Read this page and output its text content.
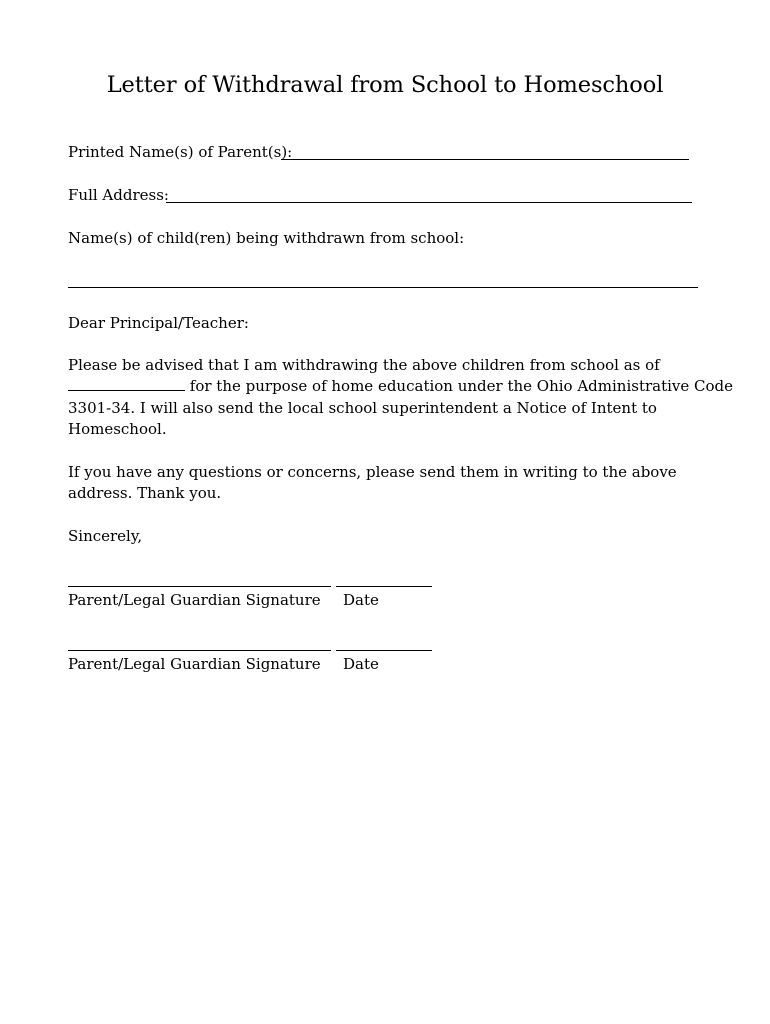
Letter of Withdrawal from School to Homeschool
Printed Name(s) of Parent(s):
Full Address:
Name(s) of child(ren) being withdrawn from school:
Dear Principal/Teacher:

Please be advised that I am withdrawing the above children from school as of

for the purpose of home education under the Ohio Administrative Code

3301-34. I will also send the local school superintendent a Notice of Intent to

Homeschool.

If you have any questions or concerns, please send them in writing to the above

address. Thank you.

Sincerely,
Parent/Legal Guardian Signature Date
Parent/Legal Guardian Signature Date
